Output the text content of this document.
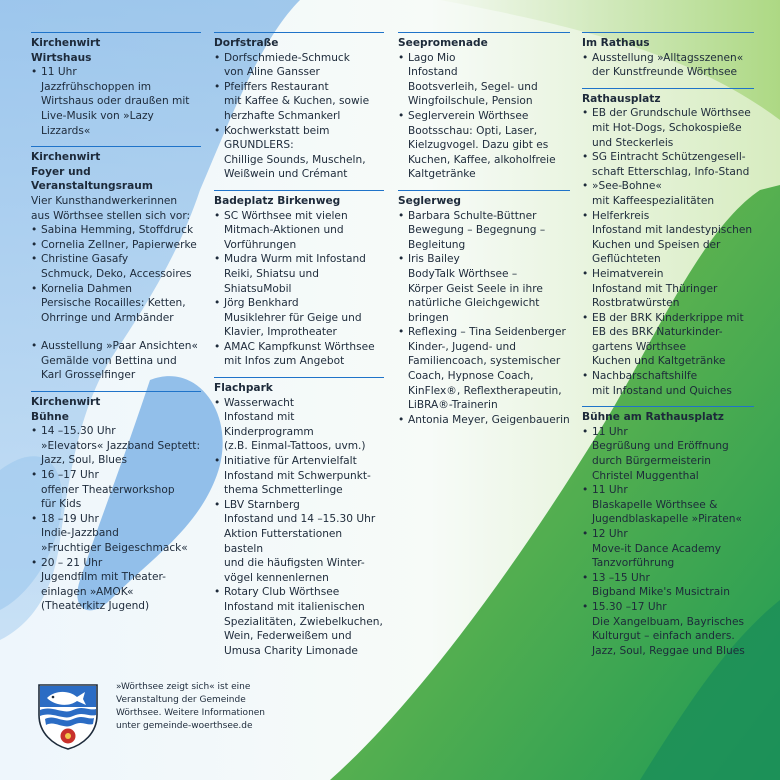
Kirchenwirt
Wirtshaus
• 11 Uhr
Jazzfrühschoppen im
Wirtshaus oder draußen mit
Live-Musik von »Lazy Lizzards«
Kirchenwirt
Foyer und Veranstaltungsraum
Vier Kunsthandwerkerinnen
aus Wörthsee stellen sich vor:
• Sabina Hemming, Stoffdruck
• Cornelia Zellner, Papierwerke
• Christine Gasafy
Schmuck, Deko, Accessoires
• Kornelia Dahmen
Persische Rocailles: Ketten,
Ohrringe und Armbänder
• Ausstellung »Paar Ansichten«
Gemälde von Bettina und
Karl Grosselfinger
Kirchenwirt
Bühne
• 14 –15.30 Uhr
»Elevators« Jazzband Septett:
Jazz, Soul, Blues
• 16 –17 Uhr
offener Theaterworkshop
für Kids
• 18 –19 Uhr
Indie-Jazzband
»Fruchtiger Beigeschmack«
• 20 – 21 Uhr
Jugendfilm mit Theater-
einlagen »AMOK«
(Theaterkitz Jugend)
Dorfstraße
• Dorfschmiede-Schmuck
von Aline Gansser
• Pfeiffers Restaurant
mit Kaffee & Kuchen, sowie
herzhafte Schmankerl
• Kochwerkstatt beim
GRUNDLERS:
Chillige Sounds, Muscheln,
Weißwein und Crémant
Badeplatz Birkenweg
• SC Wörthsee mit vielen
Mitmach-Aktionen und
Vorführungen
• Mudra Wurm mit Infostand
Reiki, Shiatsu und
ShiatsuMobil
• Jörg Benkhard
Musiklehrer für Geige und
Klavier, Improtheater
• AMAC Kampfkunst Wörthsee
mit Infos zum Angebot
Flachpark
• Wasserwacht
Infostand mit Kinderprogramm
(z.B. Einmal-Tattoos, uvm.)
• Initiative für Artenvielfalt
Infostand mit Schwerpunkt-
thema Schmetterlinge
• LBV Starnberg
Infostand und 14 –15.30 Uhr
Aktion Futterstationen basteln
und die häufigsten Winter-
vögel kennenlernen
• Rotary Club Wörthsee
Infostand mit italienischen
Spezialitäten, Zwiebelkuchen,
Wein, Federweißem und
Umusa Charity Limonade
Seepromenade
• Lago Mio
Infostand
Bootsverleih, Segel- und
Wingfoilschule, Pension
• Seglerverein Wörthsee
Bootsschau: Opti, Laser,
Kielzugvogel. Dazu gibt es
Kuchen, Kaffee, alkoholfreie
Kaltgetränke
Seglerweg
• Barbara Schulte-Büttner
Bewegung – Begegnung –
Begleitung
• Iris Bailey
BodyTalk Wörthsee –
Körper Geist Seele in ihre
natürliche Gleichgewicht
bringen
• Reflexing – Tina Seidenberger
Kinder-, Jugend- und
Familiencoach, systemischer
Coach, Hypnose Coach,
KinFlex®, Reflextherapeutin,
LiBRA®-Trainerin
• Antonia Meyer, Geigenbauerin
Im Rathaus
• Ausstellung »Alltagsszenen«
der Kunstfreunde Wörthsee
Rathausplatz
• EB der Grundschule Wörthsee
mit Hot-Dogs, Schokospieße
und Steckerleis
• SG Eintracht Schützengesell-
schaft Etterschlag, Info-Stand
• »See-Bohne«
mit Kaffeespezialitäten
• Helferkreis
Infostand mit landestypischen
Kuchen und Speisen der
Geflüchteten
• Heimatverein
Infostand mit Thüringer
Rostbratwürsten
• EB der BRK Kinderkrippe mit
EB des BRK Naturkinder-
gartens Wörthsee
Kuchen und Kaltgetränke
• Nachbarschaftshilfe
mit Infostand und Quiches
Bühne am Rathausplatz
• 11 Uhr
Begrüßung und Eröffnung
durch Bürgermeisterin
Christel Muggenthal
• 11 Uhr
Blaskapelle Wörthsee &
Jugendblaskapelle »Piraten«
• 12 Uhr
Move-it Dance Academy
Tanzvorführung
• 13 –15 Uhr
Bigband Mike's Musictrain
• 15.30 –17 Uhr
Die Xangelbuam, Bayrisches
Kulturgut – einfach anders.
Jazz, Soul, Reggae und Blues
»Wörthsee zeigt sich« ist eine
Veranstaltung der Gemeinde
Wörthsee. Weitere Informationen
unter gemeinde-woerthsee.de
